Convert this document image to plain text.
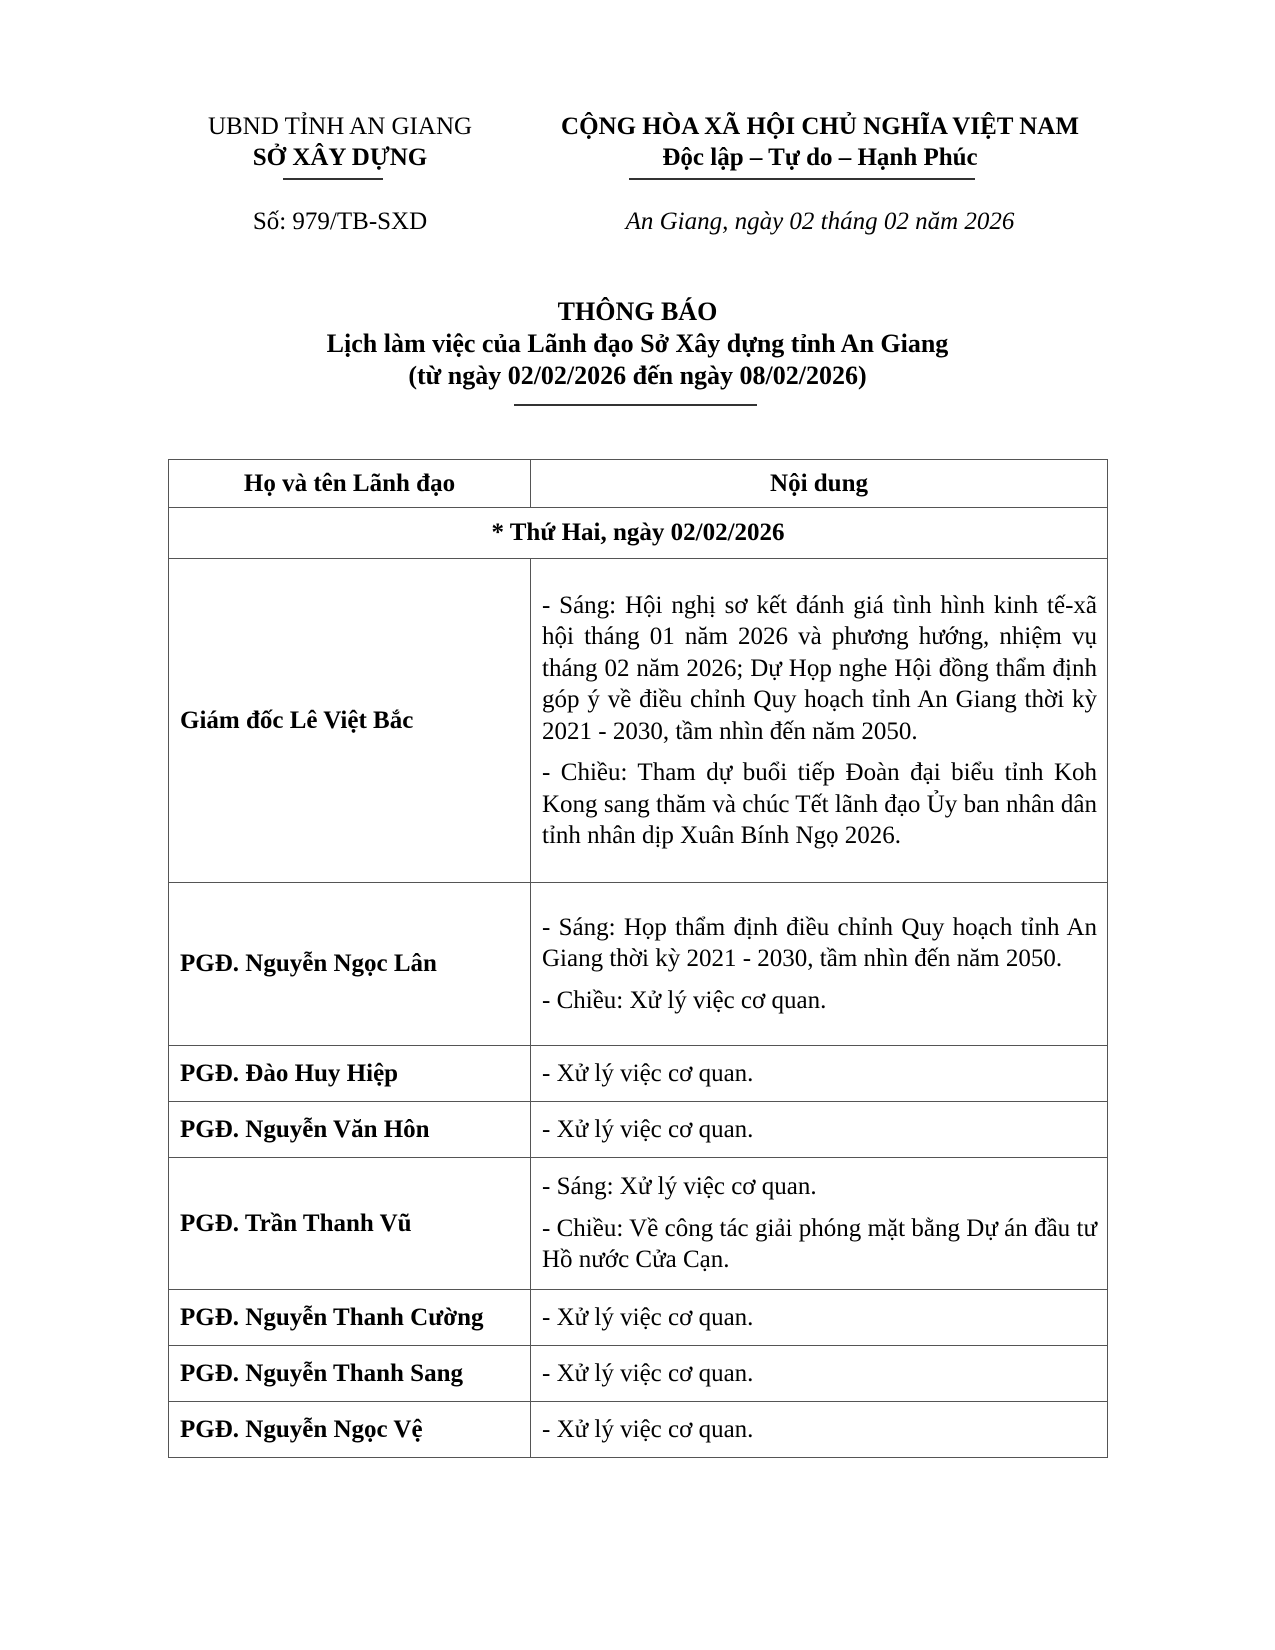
UBND TỈNH AN GIANG
SỞ XÂY DỰNG
Số: 979/TB-SXD
CỘNG HÒA XÃ HỘI CHỦ NGHĨA VIỆT NAM
Độc lập – Tự do – Hạnh Phúc
An Giang, ngày 02 tháng 02 năm 2026
THÔNG BÁO
Lịch làm việc của Lãnh đạo Sở Xây dựng tỉnh An Giang
(từ ngày 02/02/2026 đến ngày 08/02/2026)
Họ và tên Lãnh đạo	Nội dung
* Thứ Hai, ngày 02/02/2026	
Giám đốc Lê Việt Bắc	- Sáng: Hội nghị sơ kết đánh giá tình hình kinh tế-xã hội tháng 01 năm 2026 và phương hướng, nhiệm vụ tháng 02 năm 2026; Dự Họp nghe Hội đồng thẩm định góp ý về điều chỉnh Quy hoạch tỉnh An Giang thời kỳ 2021 - 2030, tầm nhìn đến năm 2050.

- Chiều: Tham dự buổi tiếp Đoàn đại biểu tỉnh Koh Kong sang thăm và chúc Tết lãnh đạo Ủy ban nhân dân tỉnh nhân dịp Xuân Bính Ngọ 2026.

PGĐ. Nguyễn Ngọc Lân	- Sáng: Họp thẩm định điều chỉnh Quy hoạch tỉnh An Giang thời kỳ 2021 - 2030, tầm nhìn đến năm 2050.

- Chiều: Xử lý việc cơ quan.

PGĐ. Đào Huy Hiệp	- Xử lý việc cơ quan.

PGĐ. Nguyễn Văn Hôn	- Xử lý việc cơ quan.

PGĐ. Trần Thanh Vũ	- Sáng: Xử lý việc cơ quan.

- Chiều: Về công tác giải phóng mặt bằng Dự án đầu tư Hồ nước Cửa Cạn.

PGĐ. Nguyễn Thanh Cường	- Xử lý việc cơ quan.

PGĐ. Nguyễn Thanh Sang	- Xử lý việc cơ quan.

PGĐ. Nguyễn Ngọc Vệ	- Xử lý việc cơ quan.
